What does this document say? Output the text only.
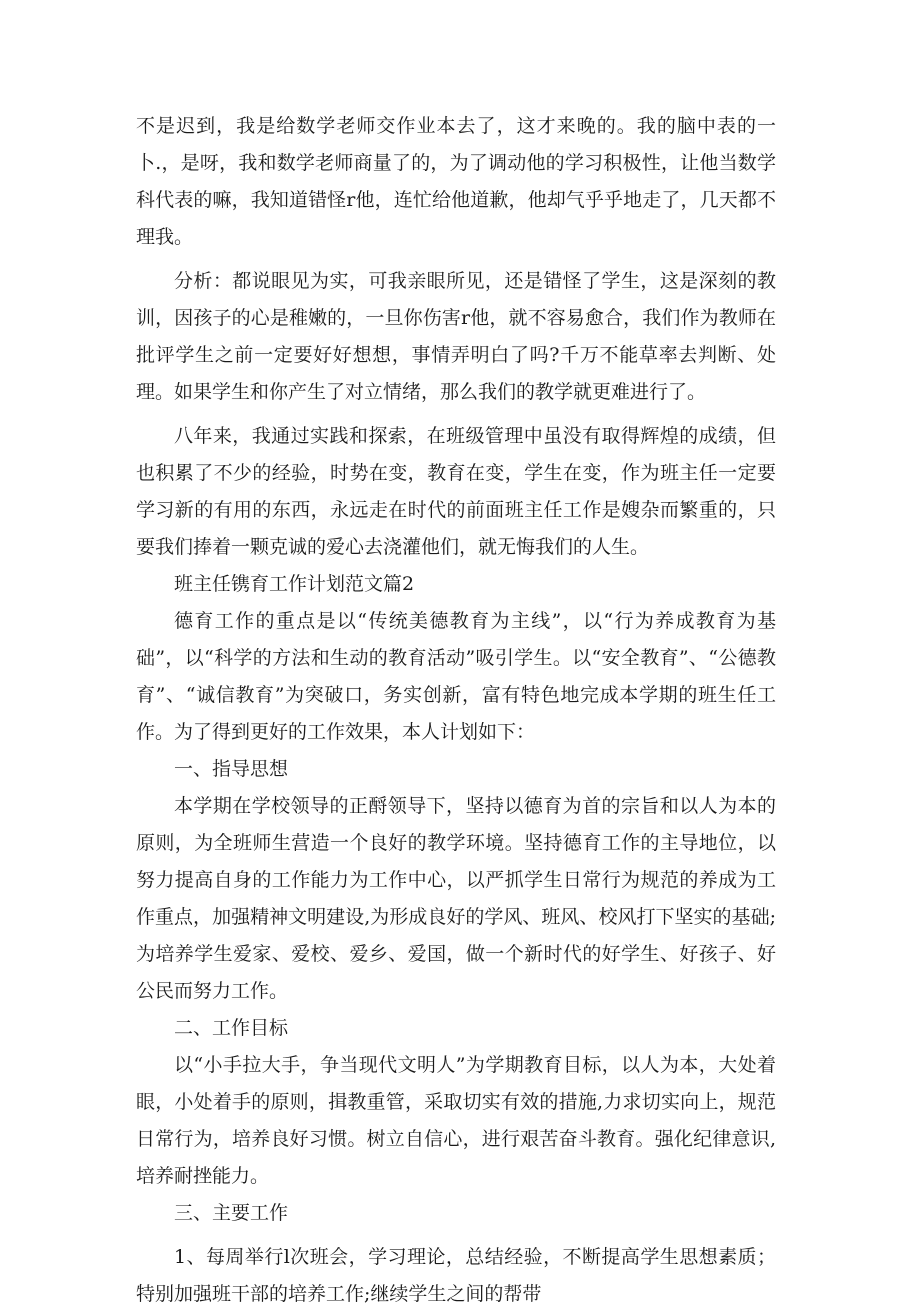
不是迟到，我是给数学老师交作业本去了，这才来晚的。我的脑中表的一卜.，是呀，我和数学老师商量了的，为了调动他的学习积极性，让他当数学科代表的嘛，我知道错怪r他，连忙给他道歉，他却气乎乎地走了，几天都不理我。

分析：都说眼见为实，可我亲眼所见，还是错怪了学生，这是深刻的教训，因孩子的心是稚嫩的，一旦你伤害r他，就不容易愈合，我们作为教师在批评学生之前一定要好好想想，事情弄明白了吗?千万不能草率去判断、处理。如果学生和你产生了对立情绪，那么我们的教学就更难进行了。

八年来，我通过实践和探索，在班级管理中虽没有取得辉煌的成绩，但也积累了不少的经验，时势在变，教育在变，学生在变，作为班主任一定要学习新的有用的东西，永远走在时代的前面班主任工作是嫂杂而繁重的，只要我们捧着一颗克诚的爱心去浇灌他们，就无悔我们的人生。

班主任镌育工作计划范文篇2

德育工作的重点是以“传统美德教育为主线”，以“行为养成教育为基础”，以“科学的方法和生动的教育活动”吸引学生。以“安全教育”、“公德教育”、“诚信教育”为突破口，务实创新，富有特色地完成本学期的班生任工作。为了得到更好的工作效果，本人计划如下：

一、指导思想

本学期在学校领导的正酹领导下，坚持以德育为首的宗旨和以人为本的原则，为全班师生营造一个良好的教学环境。坚持德育工作的主导地位，以努力提高自身的工作能力为工作中心，以严抓学生日常行为规范的养成为工作重点，加强精神文明建设,为形成良好的学风、班风、校风打下坚实的基础;为培养学生爱家、爱校、爱乡、爱国，做一个新时代的好学生、好孩子、好公民而努力工作。

二、工作目标

以“小手拉大手，争当现代文明人”为学期教育目标，以人为本，大处着眼，小处着手的原则，揖教重管，采取切实有效的措施,力求切实向上，规范日常行为，培养良好习惯。树立自信心，进行艰苦奋斗教育。强化纪律意识,培养耐挫能力。

三、主要工作

1、每周举行l次班会，学习理论，总结经验，不断提高学生思想素质；特别加强班干部的培养工作;继续学生之间的帮带
